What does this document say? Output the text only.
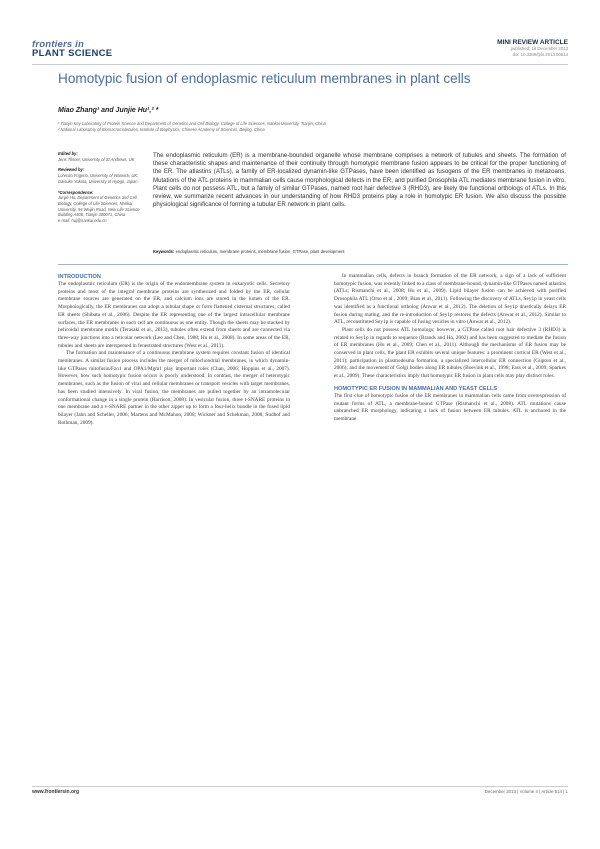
frontiers in
PLANT SCIENCE
MINI REVIEW ARTICLE
published: 16 December 2013
doi: 10.3389/fpls.2013.00514
Homotypic fusion of endoplasmic reticulum membranes in plant cells
Miao Zhang¹ and Junjie Hu¹,² *
¹ Tianjin Key Laboratory of Protein Science and Department of Genetics and Cell Biology, College of Life Sciences, Nankai University, Tianjin, China
² National Laboratory of Biomacromolecules, Institute of Biophysics, Chinese Academy of Sciences, Beijing, China
Edited by:
Jens Tilsner, University of St Andrews, UK
Reviewed by:
Lorenzo Frigerio, University of Warwick, UK; Daisuke Yokota, University of Hyogo, Japan
*Correspondence:
Junjie Hu, Department of Genetics and Cell Biology, College of Life Sciences, Nankai University, 94 Weijin Road, New Life Science Building A408, Tianjin 300071, China
e-mail: huj@nankai.edu.cn
The endoplasmic reticulum (ER) is a membrane-bounded organelle whose membrane comprises a network of tubules and sheets. The formation of these characteristic shapes and maintenance of their continuity through homotypic membrane fusion appears to be critical for the proper functioning of the ER. The atlastins (ATLs), a family of ER-localized dynamin-like GTPases, have been identified as fusogens of the ER membranes in metazoans. Mutations of the ATL proteins in mammalian cells cause morphological defects in the ER, and purified Drosophila ATL mediates membrane fusion in vitro. Plant cells do not possess ATL, but a family of similar GTPases, named root hair defective 3 (RHD3), are likely the functional orthologs of ATLs. In this review, we summarize recent advances in our understanding of how RHD3 proteins play a role in homotypic ER fusion. We also discuss the possible physiological significance of forming a tubular ER network in plant cells.
Keywords: endoplasmic reticulum, membrane proteins, membrane fusion, GTPase, plant development
INTRODUCTION

The endoplasmic reticulum (ER) is the origin of the endomembrane system in eukaryotic cells. Secretory proteins and most of the integral membrane proteins are synthesized and folded by the ER, cellular membrane sources are generated on the ER, and calcium ions are stored in the lumen of the ER. Morphologically, the ER membranes can adopt a tubular shape or form flattened cisternal structures, called ER sheets (Shibata et al., 2006). Despite the ER representing one of the largest intracellular membrane surfaces, the ER membranes in each cell are continuous as one entity. Though the sheets may be stacked by helicoidal membrane motifs (Terasaki et al., 2013), tubules often extend from sheets and are connected via three-way junctions into a reticular network (Lee and Chen, 1988; Hu et al., 2008). In some areas of the ER, tubules and sheets are interspersed in fenestrated structures (West et al., 2011).

The formation and maintenance of a continuous membrane system requires constant fusion of identical membranes. A similar fusion process includes the merger of mitochondrial membranes, in which dynamin-like GTPases mitofusin/Fzo1 and OPA1/Mgm1 play important roles (Chan, 2006; Hoppins et al., 2007). However, how such homotypic fusion occurs is poorly understood. In contrast, the merger of heterotypic membranes, such as the fusion of viral and cellular membranes or transport vesicles with target membranes, has been studied intensively. In viral fusion, the membranes are pulled together by an intramolecular conformational change in a single protein (Harrison, 2008). In vesicular fusion, three t-SNARE proteins in one membrane and a v-SNARE partner in the other zipper up to form a four-helix bundle in the fused lipid bilayer (Jahn and Scheller, 2006; Martens and McMahon, 2008; Wickner and Schekman, 2008; Sudhof and Rothman, 2009).

In mammalian cells, defects in branch formation of the ER network, a sign of a lack of sufficient homotypic fusion, was recently linked to a class of membrane-bound, dynamin-like GTPases named atlastins (ATLs; Rismanchi et al., 2008; Hu et al., 2009). Lipid bilayer fusion can be achieved with purified Drosophila ATL (Orso et al., 2009; Bian et al., 2011). Following the discovery of ATLs, Sey1p in yeast cells was identified as a functional ortholog (Anwar et al., 2012). The deletion of Sey1p drastically delays ER fusion during mating, and the re-introduction of Sey1p restores the defects (Anwar et al., 2012). Similar to ATL, reconstituted Sey1p is capable of fusing vesicles in vitro (Anwar et al., 2012).

Plant cells do not possess ATL homologs; however, a GTPase called root hair defective 3 (RHD3) is related to Sey1p in regards to sequence (Brands and Ho, 2002) and has been suggested to mediate the fusion of ER membranes (Hu et al., 2009; Chen et al., 2011). Although the mechanisms of ER fusion may be conserved in plant cells, the plant ER exhibits several unique features: a prominent cortical ER (West et al., 2011); participation in plasmodesma formation, a specialized intercellular ER connection (Gupton et al., 2006); and the movement of Golgi bodies along ER tubules (Boevink et al., 1998; Fass et al., 2009; Sparkes et al., 2009). These characteristics imply that homotypic ER fusion in plant cells may play distinct roles.

HOMOTYPIC ER FUSION IN MAMMALIAN AND YEAST CELLS

The first clue of homotypic fusion of the ER membranes in mammalian cells came from overexpression of mutant forms of ATL, a membrane-bound GTPase (Rismanchi et al., 2008). ATL mutations cause unbranched ER morphology, indicating a lack of fusion between ER tubules. ATL is anchored in the membrane

www.frontiersin.org	December 2013 | Volume 4 | Article 514 | 1
